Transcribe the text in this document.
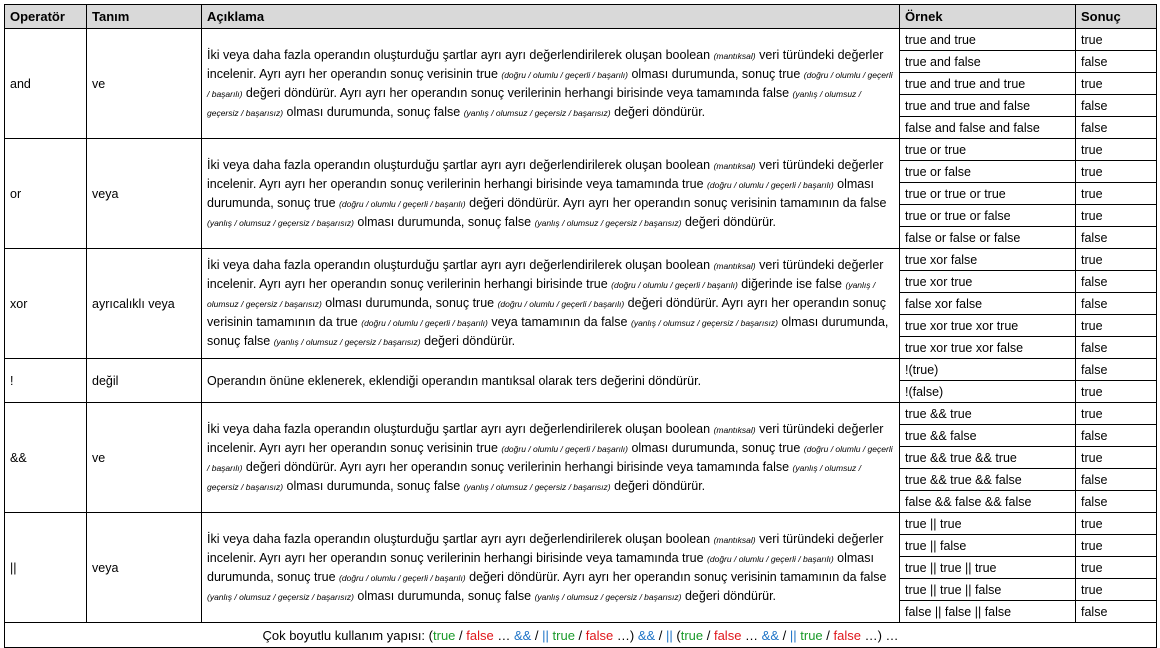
Operatör	Tanım	Açıklama	Örnek	Sonuç
and	ve	İki veya daha fazla operandın oluşturduğu şartlar ayrı ayrı değerlendirilerek oluşan boolean (mantıksal) veri türündeki değerler incelenir. Ayrı ayrı her operandın sonuç verisinin true (doğru / olumlu / geçerli / başarılı) olması durumunda, sonuç true (doğru / olumlu / geçerli / başarılı) değeri döndürür. Ayrı ayrı her operandın sonuç verilerinin herhangi birisinde veya tamamında false (yanlış / olumsuz / geçersiz / başarısız) olması durumunda, sonuç false (yanlış / olumsuz / geçersiz / başarısız) değeri döndürür.	true and true	true
			true and false	false
			true and true and true	true
			true and true and false	false
			false and false and false	false
or	veya	İki veya daha fazla operandın oluşturduğu şartlar ayrı ayrı değerlendirilerek oluşan boolean (mantıksal) veri türündeki değerler incelenir. Ayrı ayrı her operandın sonuç verilerinin herhangi birisinde veya tamamında true (doğru / olumlu / geçerli / başarılı) olması durumunda, sonuç true (doğru / olumlu / geçerli / başarılı) değeri döndürür. Ayrı ayrı her operandın sonuç verisinin tamamının da false (yanlış / olumsuz / geçersiz / başarısız) olması durumunda, sonuç false (yanlış / olumsuz / geçersiz / başarısız) değeri döndürür.	true or true	true
			true or false	true
			true or true or true	true
			true or true or false	true
			false or false or false	false
xor	ayrıcalıklı veya	İki veya daha fazla operandın oluşturduğu şartlar ayrı ayrı değerlendirilerek oluşan boolean (mantıksal) veri türündeki değerler incelenir. Ayrı ayrı her operandın sonuç verilerinin herhangi birisinde true (doğru / olumlu / geçerli / başarılı) diğerinde ise false (yanlış / olumsuz / geçersiz / başarısız) olması durumunda, sonuç true (doğru / olumlu / geçerli / başarılı) değeri döndürür. Ayrı ayrı her operandın sonuç verisinin tamamının da true (doğru / olumlu / geçerli / başarılı) veya tamamının da false (yanlış / olumsuz / geçersiz / başarısız) olması durumunda, sonuç false (yanlış / olumsuz / geçersiz / başarısız) değeri döndürür.	true xor false	true
			true xor true	false
			false xor false	false
			true xor true xor true	true
			true xor true xor false	false
!	değil	Operandın önüne eklenerek, eklendiği operandın mantıksal olarak ters değerini döndürür.	!(true)	false
			!(false)	true
&&	ve	İki veya daha fazla operandın oluşturduğu şartlar ayrı ayrı değerlendirilerek oluşan boolean (mantıksal) veri türündeki değerler incelenir. Ayrı ayrı her operandın sonuç verisinin true (doğru / olumlu / geçerli / başarılı) olması durumunda, sonuç true (doğru / olumlu / geçerli / başarılı) değeri döndürür. Ayrı ayrı her operandın sonuç verilerinin herhangi birisinde veya tamamında false (yanlış / olumsuz / geçersiz / başarısız) olması durumunda, sonuç false (yanlış / olumsuz / geçersiz / başarısız) değeri döndürür.	true && true	true
			true && false	false
			true && true && true	true
			true && true && false	false
			false && false && false	false
||	veya	İki veya daha fazla operandın oluşturduğu şartlar ayrı ayrı değerlendirilerek oluşan boolean (mantıksal) veri türündeki değerler incelenir. Ayrı ayrı her operandın sonuç verilerinin herhangi birisinde veya tamamında true (doğru / olumlu / geçerli / başarılı) olması durumunda, sonuç true (doğru / olumlu / geçerli / başarılı) değeri döndürür. Ayrı ayrı her operandın sonuç verisinin tamamının da false (yanlış / olumsuz / geçersiz / başarısız) olması durumunda, sonuç false (yanlış / olumsuz / geçersiz / başarısız) değeri döndürür.	true || true	true
			true || false	true
			true || true || true	true
			true || true || false	true
			false || false || false	false
Çok boyutlu kullanım yapısı: (true / false … && / || true / false …) && / || (true / false … && / || true / false …) …				
